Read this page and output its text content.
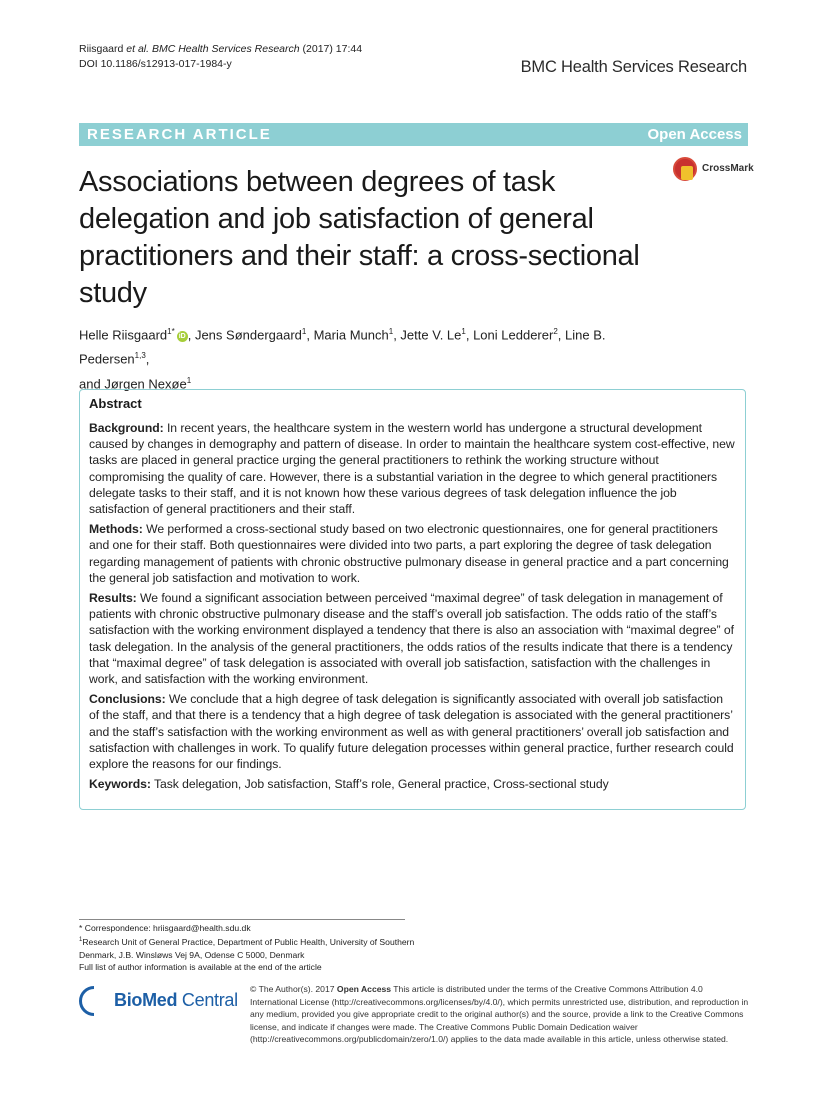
Riisgaard et al. BMC Health Services Research (2017) 17:44
DOI 10.1186/s12913-017-1984-y	BMC Health Services Research
RESEARCH ARTICLE	Open Access
Associations between degrees of task delegation and job satisfaction of general practitioners and their staff: a cross-sectional study
CrossMark
Helle Riisgaard$^{1*}$iD , Jens Søndergaard$^1$, Maria Munch$^1$, Jette V. Le$^1$, Loni Ledderer$^2$, Line B. Pedersen$^{1,3}$,
and Jørgen Nexøe$^1$
Abstract

Background: In recent years, the healthcare system in the western world has undergone a structural development caused by changes in demography and pattern of disease. In order to maintain the healthcare system cost-effective, new tasks are placed in general practice urging the general practitioners to rethink the working structure without compromising the quality of care. However, there is a substantial variation in the degree to which general practitioners delegate tasks to their staff, and it is not known how these various degrees of task delegation influence the job satisfaction of general practitioners and their staff.

Methods: We performed a cross-sectional study based on two electronic questionnaires, one for general practitioners and one for their staff. Both questionnaires were divided into two parts, a part exploring the degree of task delegation regarding management of patients with chronic obstructive pulmonary disease in general practice and a part concerning the general job satisfaction and motivation to work.

Results: We found a significant association between perceived “maximal degree” of task delegation in management of patients with chronic obstructive pulmonary disease and the staff’s overall job satisfaction. The odds ratio of the staff’s satisfaction with the working environment displayed a tendency that there is also an association with “maximal degree” of task delegation. In the analysis of the general practitioners, the odds ratios of the results indicate that there is a tendency that “maximal degree” of task delegation is associated with overall job satisfaction, satisfaction with the challenges in work, and satisfaction with the working environment.

Conclusions: We conclude that a high degree of task delegation is significantly associated with overall job satisfaction of the staff, and that there is a tendency that a high degree of task delegation is associated with the general practitioners’ and the staff’s satisfaction with the working environment as well as with general practitioners’ overall job satisfaction and satisfaction with challenges in work. To qualify future delegation processes within general practice, further research could explore the reasons for our findings.

Keywords: Task delegation, Job satisfaction, Staff’s role, General practice, Cross-sectional study

* Correspondence: hriisgaard@health.sdu.dk
$^1$Research Unit of General Practice, Department of Public Health, University of Southern Denmark, J.B. Winsløws Vej 9A, Odense C 5000, Denmark
Full list of author information is available at the end of the article
BioMed Central
© The Author(s). 2017 Open Access This article is distributed under the terms of the Creative Commons Attribution 4.0 International License (http://creativecommons.org/licenses/by/4.0/), which permits unrestricted use, distribution, and reproduction in any medium, provided you give appropriate credit to the original author(s) and the source, provide a link to the Creative Commons license, and indicate if changes were made. The Creative Commons Public Domain Dedication waiver (http://creativecommons.org/publicdomain/zero/1.0/) applies to the data made available in this article, unless otherwise stated.
